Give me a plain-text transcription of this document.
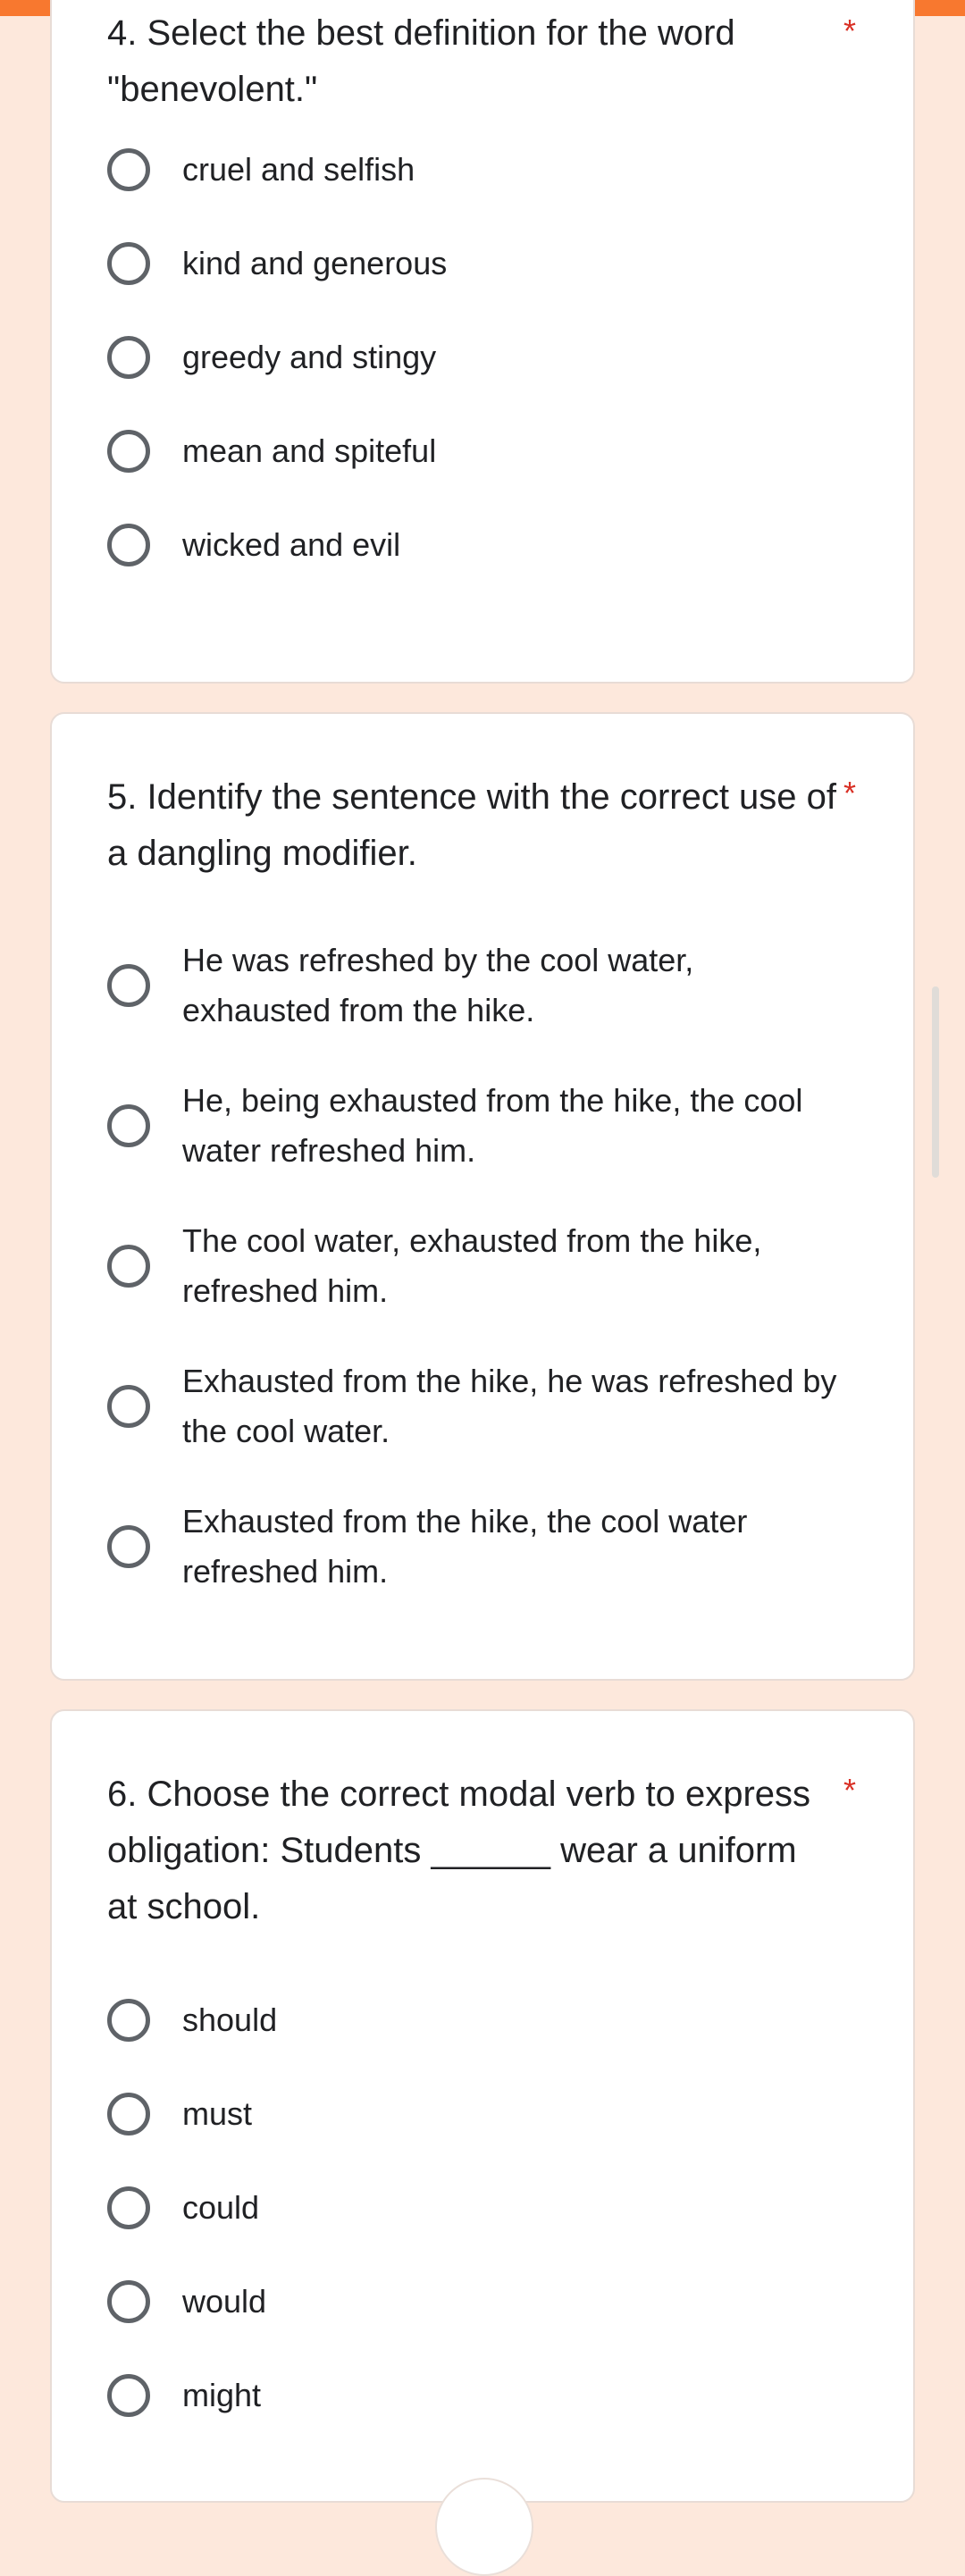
4. Select the best definition for the word "benevolent."
*
cruel and selfish
kind and generous
greedy and stingy
mean and spiteful
wicked and evil
5. Identify the sentence with the correct use of a dangling modifier.
*
He was refreshed by the cool water, exhausted from the hike.
He, being exhausted from the hike, the cool water refreshed him.
The cool water, exhausted from the hike, refreshed him.
Exhausted from the hike, he was refreshed by the cool water.
Exhausted from the hike, the cool water refreshed him.
6. Choose the correct modal verb to express obligation: Students ______ wear a uniform at school.
*
should
must
could
would
might
